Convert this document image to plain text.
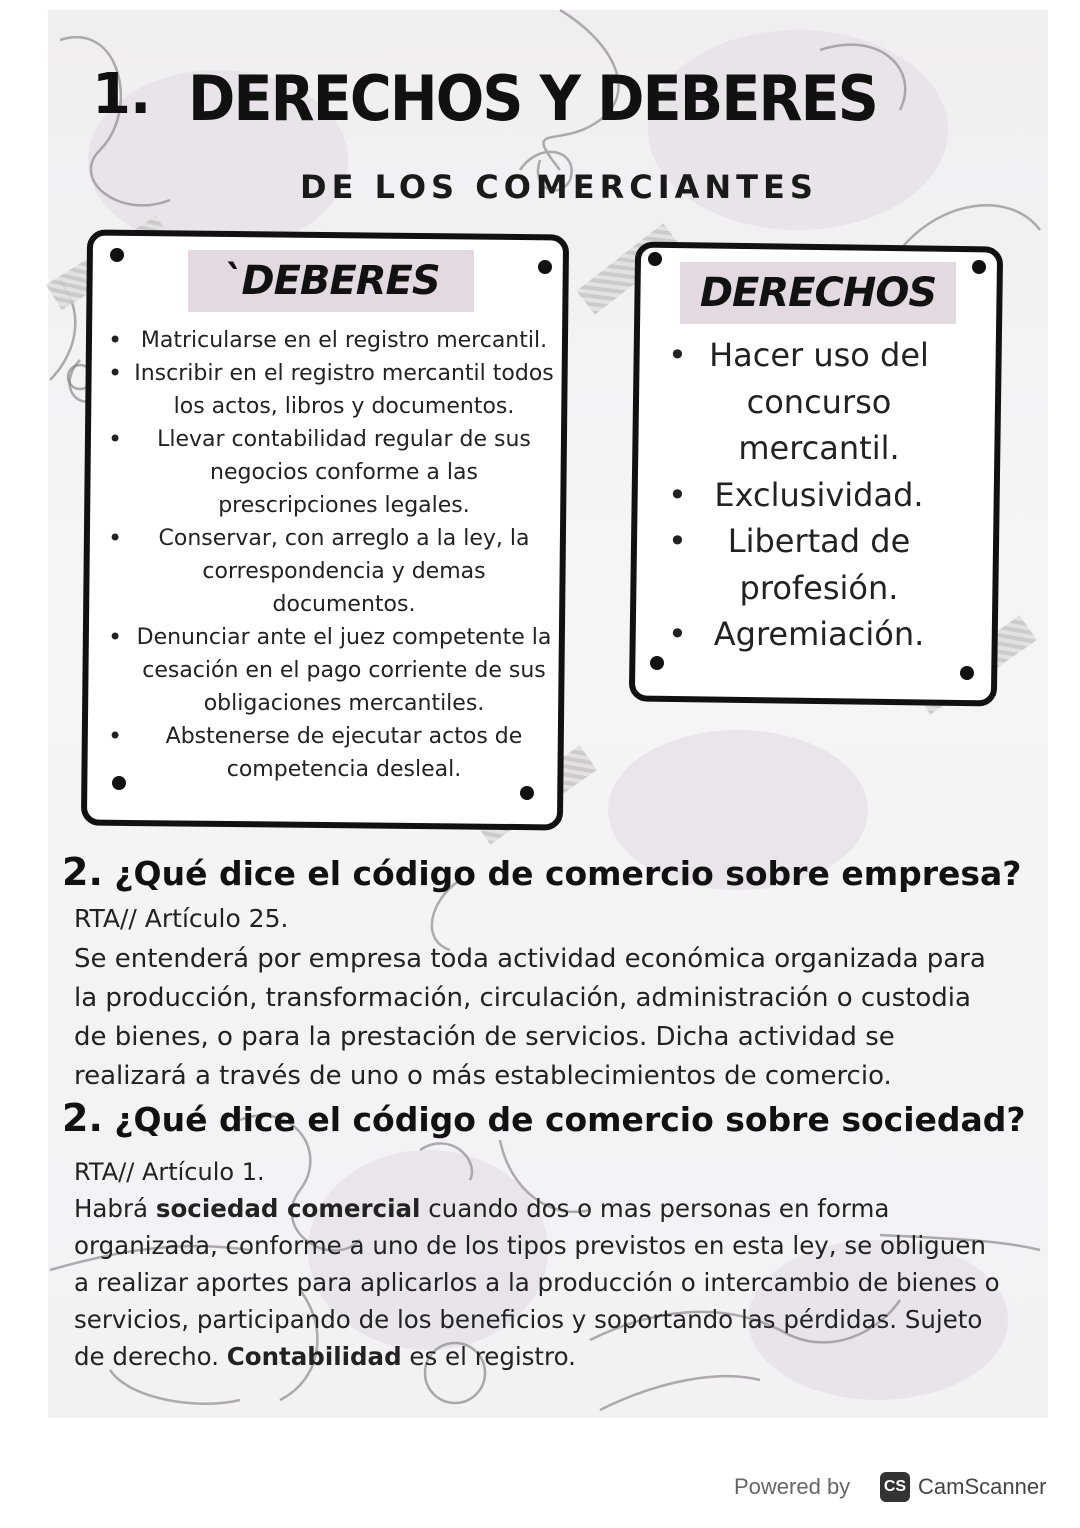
1. DERECHOS Y DEBERES
DE LOS COMERCIANTES
`DEBERES
• Matricularse en el registro mercantil.
• Inscribir en el registro mercantil todos los actos, libros y documentos.
• Llevar contabilidad regular de sus negocios conforme a las prescripciones legales.
• Conservar, con arreglo a la ley, la correspondencia y demas documentos.
• Denunciar ante el juez competente la cesación en el pago corriente de sus obligaciones mercantiles.
• Abstenerse de ejecutar actos de competencia desleal.
DERECHOS
• Hacer uso del concurso mercantil.
• Exclusividad.
• Libertad de profesión.
• Agremiación.
2. ¿Qué dice el código de comercio sobre empresa?
RTA// Artículo 25.
Se entenderá por empresa toda actividad económica organizada para la producción, transformación, circulación, administración o custodia de bienes, o para la prestación de servicios. Dicha actividad se realizará a través de uno o más establecimientos de comercio.
2. ¿Qué dice el código de comercio sobre sociedad?
RTA// Artículo 1.
Habrá sociedad comercial cuando dos o mas personas en forma organizada, conforme a uno de los tipos previstos en esta ley, se obliguen a realizar aportes para aplicarlos a la producción o intercambio de bienes o servicios, participando de los beneficios y soportando las pérdidas. Sujeto de derecho. Contabilidad es el registro.
Powered by CS CamScanner
